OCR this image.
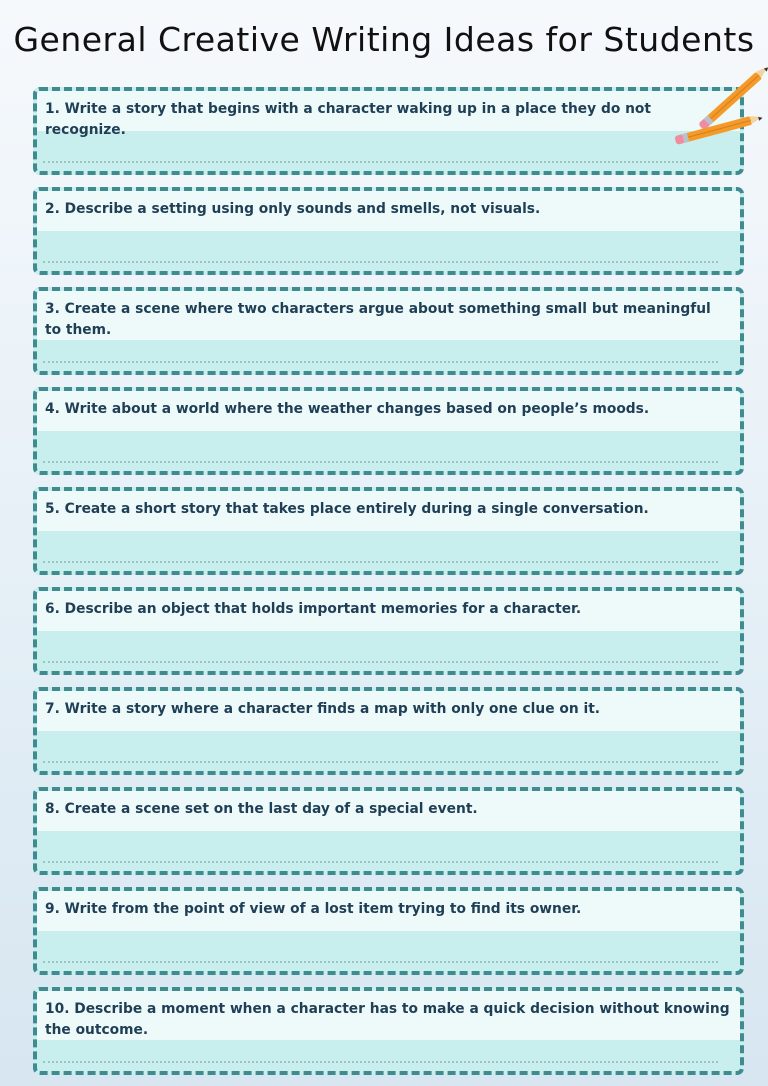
General Creative Writing Ideas for Students
1. Write a story that begins with a character waking up in a place they do not recognize.
2. Describe a setting using only sounds and smells, not visuals.
3. Create a scene where two characters argue about something small but meaningful to them.
4. Write about a world where the weather changes based on people’s moods.
5. Create a short story that takes place entirely during a single conversation.
6. Describe an object that holds important memories for a character.
7. Write a story where a character finds a map with only one clue on it.
8. Create a scene set on the last day of a special event.
9. Write from the point of view of a lost item trying to find its owner.
10. Describe a moment when a character has to make a quick decision without knowing the outcome.
